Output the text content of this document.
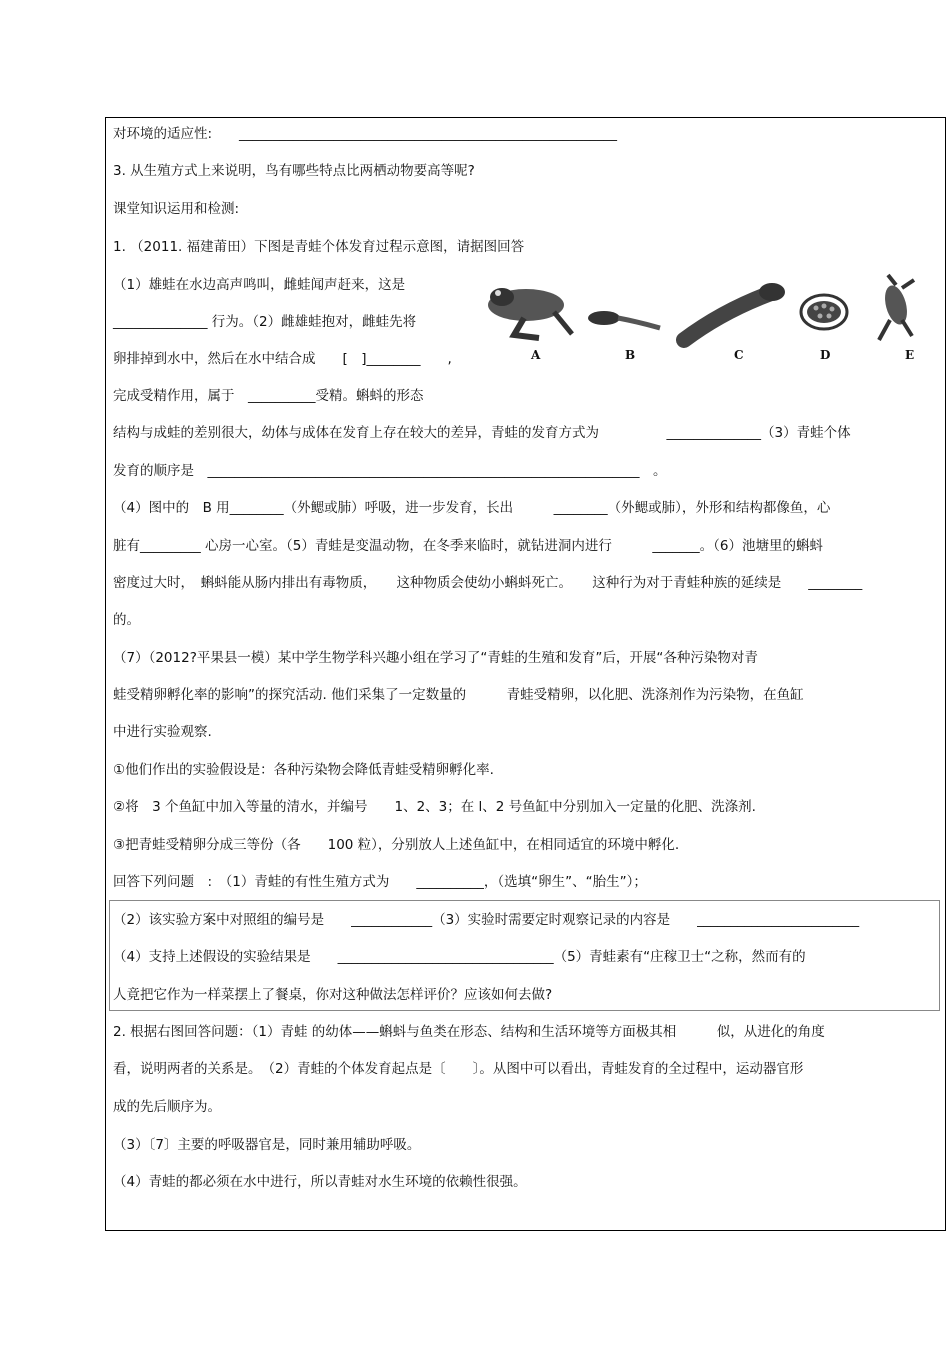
对环境的适应性:　　________________________________________________________
3. 从生殖方式上来说明，鸟有哪些特点比两栖动物要高等呢?
课堂知识运用和检测:
1. （2011. 福建莆田）下图是青蛙个体发育过程示意图，请据图回答
（1）雄蛙在水边高声鸣叫，雌蛙闻声赶来，这是
______________ 行为。（2）雌雄蛙抱对，雌蛙先将
卵排掉到水中，然后在水中结合成　　[　]________　　,
完成受精作用，属于　__________受精。蝌蚪的形态
结构与成蛙的差别很大，幼体与成体在发育上存在较大的差异，青蛙的发育方式为　　　　　______________（3）青蛙个体
发育的顺序是　________________________________________________________________　。
（4）图中的　B 用________（外鳃或肺）呼吸，进一步发育，长出　　　________（外鳃或肺），外形和结构都像鱼，心
脏有_________ 心房一心室。（5）青蛙是变温动物，在冬季来临时，就钻进洞内进行　　　_______。（6）池塘里的蝌蚪
密度过大时，　蝌蚪能从肠内排出有毒物质，　　这种物质会使幼小蝌蚪死亡。　　这种行为对于青蛙种族的延续是　　________
的。
（7）（2012?平果县一模）某中学生物学科兴趣小组在学习了“青蛙的生殖和发育”后，开展“各种污染物对青
蛙受精卵孵化率的影响”的探究活动. 他们采集了一定数量的　　　青蛙受精卵，以化肥、洗涤剂作为污染物，在鱼缸
中进行实验观察.
①他们作出的实验假设是：各种污染物会降低青蛙受精卵孵化率.
②将　3 个鱼缸中加入等量的清水，并编号　　1、2、3；在 l、2 号鱼缸中分别加入一定量的化肥、洗涤剂.
③把青蛙受精卵分成三等份（各　　100 粒），分别放人上述鱼缸中，在相同适宜的环境中孵化.
回答下列问题　:　（1）青蛙的有性生殖方式为　　__________，（选填“卵生”、“胎生”）；
（2）该实验方案中对照组的编号是　　____________（3）实验时需要定时观察记录的内容是　　________________________
（4）支持上述假设的实验结果是　　________________________________（5）青蛙素有“庄稼卫士“之称，然而有的
人竟把它作为一样菜摆上了餐桌，你对这种做法怎样评价？应该如何去做?
2. 根据右图回答问题：（1）青蛙 的幼体——蝌蚪与鱼类在形态、结构和生活环境等方面极其相　　　似，从进化的角度
看，说明两者的关系是。　（2）青蛙的个体发育起点是〔　　〕。从图中可以看出，青蛙发育的全过程中，运动器官形
成的先后顺序为。
（3）〔7〕主要的呼吸器官是，同时兼用辅助呼吸。
（4）青蛙的都必须在水中进行，所以青蛙对水生环境的依赖性很强。
A	B	C	D	E
